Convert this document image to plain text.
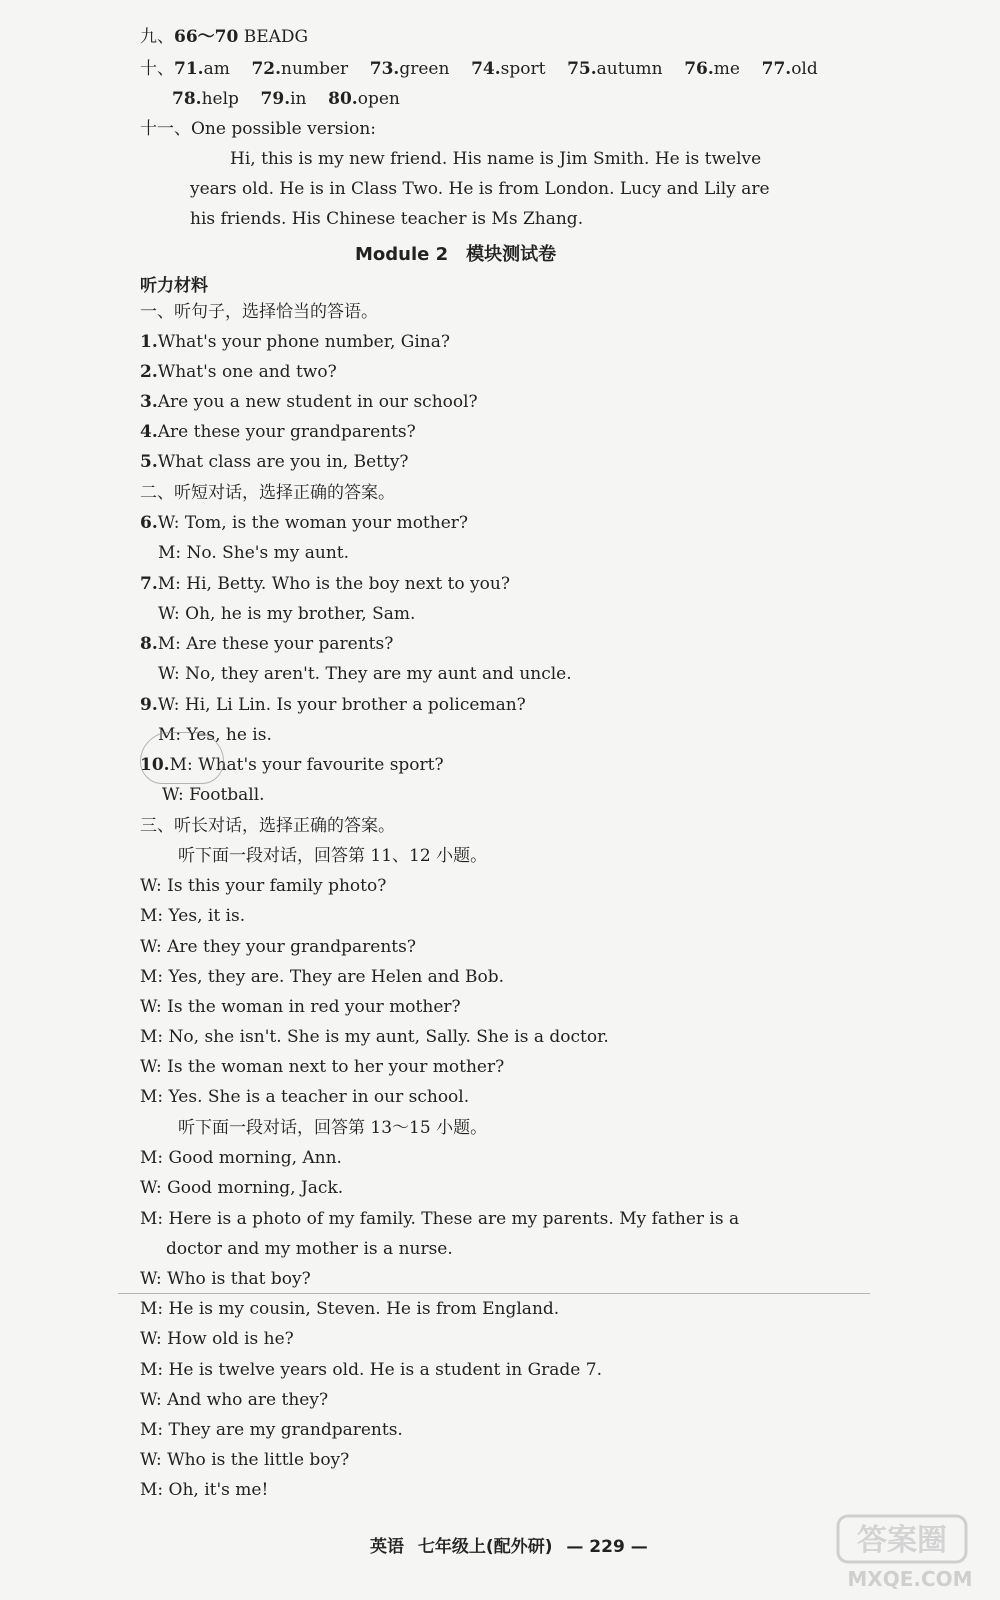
九、66～70 BEADG
十、71.am 72.number 73.green 74.sport 75.autumn 76.me 77.old
78.help 79.in 80.open
十一、One possible version:
Hi, this is my new friend. His name is Jim Smith. He is twelve
years old. He is in Class Two. He is from London. Lucy and Lily are
his friends. His Chinese teacher is Ms Zhang.
Module 2　模块测试卷
听力材料
一、听句子，选择恰当的答语。
1.What's your phone number, Gina?
2.What's one and two?
3.Are you a new student in our school?
4.Are these your grandparents?
5.What class are you in, Betty?
二、听短对话，选择正确的答案。
6.W: Tom, is the woman your mother?
M: No. She's my aunt.
7.M: Hi, Betty. Who is the boy next to you?
W: Oh, he is my brother, Sam.
8.M: Are these your parents?
W: No, they aren't. They are my aunt and uncle.
9.W: Hi, Li Lin. Is your brother a policeman?
M: Yes, he is.
10.M: What's your favourite sport?
W: Football.
三、听长对话，选择正确的答案。
听下面一段对话，回答第 11、12 小题。
W: Is this your family photo?
M: Yes, it is.
W: Are they your grandparents?
M: Yes, they are. They are Helen and Bob.
W: Is the woman in red your mother?
M: No, she isn't. She is my aunt, Sally. She is a doctor.
W: Is the woman next to her your mother?
M: Yes. She is a teacher in our school.
听下面一段对话，回答第 13～15 小题。
M: Good morning, Ann.
W: Good morning, Jack.
M: Here is a photo of my family. These are my parents. My father is a
doctor and my mother is a nurse.
W: Who is that boy?
M: He is my cousin, Steven. He is from England.
W: How old is he?
M: He is twelve years old. He is a student in Grade 7.
W: And who are they?
M: They are my grandparents.
W: Who is the little boy?
M: Oh, it's me!
英语 七年级上(配外研) — 229 —	答案圈
MXQE.COM
